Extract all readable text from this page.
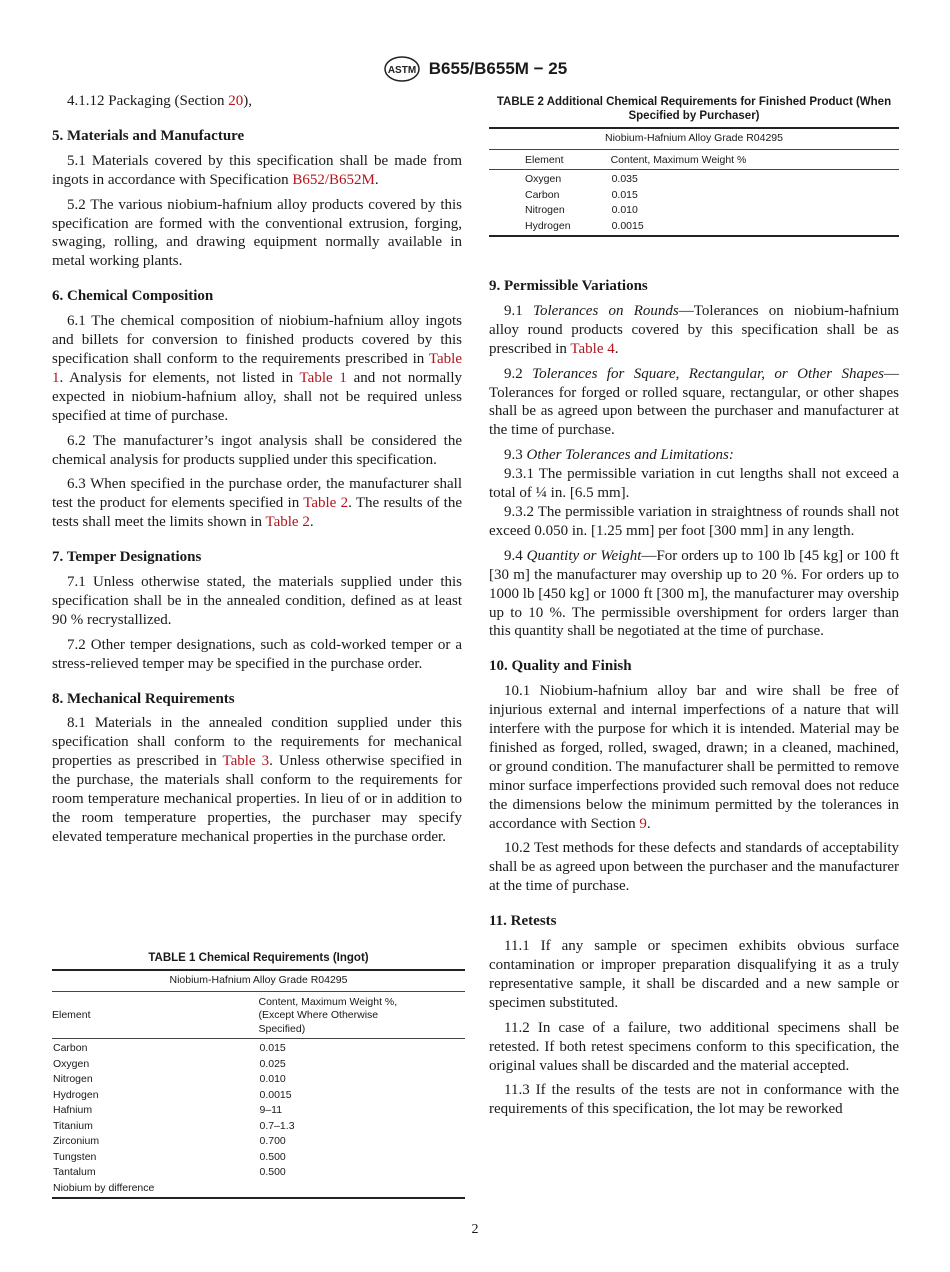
ASTM B655/B655M − 25

4.1.12 Packaging (Section 20),

5. Materials and Manufacture

5.1 Materials covered by this specification shall be made from ingots in accordance with Specification B652/B652M.

5.2 The various niobium-hafnium alloy products covered by this specification are formed with the conventional extrusion, forging, swaging, rolling, and drawing equipment normally available in metal working plants.

6. Chemical Composition

6.1 The chemical composition of niobium-hafnium alloy ingots and billets for conversion to finished products covered by this specification shall conform to the requirements prescribed in Table 1. Analysis for elements, not listed in Table 1 and not normally expected in niobium-hafnium alloy, shall not be required unless specified at time of purchase.

6.2 The manufacturer’s ingot analysis shall be considered the chemical analysis for products supplied under this specification.

6.3 When specified in the purchase order, the manufacturer shall test the product for elements specified in Table 2. The results of the tests shall meet the limits shown in Table 2.

7. Temper Designations

7.1 Unless otherwise stated, the materials supplied under this specification shall be in the annealed condition, defined as at least 90 % recrystallized.

7.2 Other temper designations, such as cold-worked temper or a stress-relieved temper may be specified in the purchase order.

8. Mechanical Requirements

8.1 Materials in the annealed condition supplied under this specification shall conform to the requirements for mechanical properties as prescribed in Table 3. Unless otherwise specified in the purchase, the materials shall conform to the requirements for room temperature mechanical properties. In lieu of or in addition to the room temperature properties, the purchaser may specify elevated temperature mechanical properties in the purchase order.

TABLE 1 Chemical Requirements (Ingot)
Niobium-Hafnium Alloy Grade R04295	
Element	Content, Maximum Weight %, (Except Where Otherwise Specified)
Carbon	0.015
Oxygen	0.025
Nitrogen	0.010
Hydrogen	0.0015
Hafnium	9–11
Titanium	0.7–1.3
Zirconium	0.700
Tungsten	0.500
Tantalum	0.500
Niobium by difference	
TABLE 2 Additional Chemical Requirements for Finished Product (When Specified by Purchaser)
Niobium-Hafnium Alloy Grade R04295	
Element	Content, Maximum Weight %
Oxygen	0.035
Carbon	0.015
Nitrogen	0.010
Hydrogen	0.0015
9. Permissible Variations

9.1 Tolerances on Rounds—Tolerances on niobium-hafnium alloy round products covered by this specification shall be as prescribed in Table 4.

9.2 Tolerances for Square, Rectangular, or Other Shapes—Tolerances for forged or rolled square, rectangular, or other shapes shall be as agreed upon between the purchaser and manufacturer at the time of purchase.

9.3 Other Tolerances and Limitations:

9.3.1 The permissible variation in cut lengths shall not exceed a total of ¼ in. [6.5 mm].

9.3.2 The permissible variation in straightness of rounds shall not exceed 0.050 in. [1.25 mm] per foot [300 mm] in any length.

9.4 Quantity or Weight—For orders up to 100 lb [45 kg] or 100 ft [30 m] the manufacturer may overship up to 20 %. For orders up to 1000 lb [450 kg] or 1000 ft [300 m], the manufacturer may overship up to 10 %. The permissible overshipment for orders larger than this quantity shall be negotiated at the time of purchase.

10. Quality and Finish

10.1 Niobium-hafnium alloy bar and wire shall be free of injurious external and internal imperfections of a nature that will interfere with the purpose for which it is intended. Material may be finished as forged, rolled, swaged, drawn; in a cleaned, machined, or ground condition. The manufacturer shall be permitted to remove minor surface imperfections provided such removal does not reduce the dimensions below the minimum permitted by the tolerances in accordance with Section 9.

10.2 Test methods for these defects and standards of acceptability shall be as agreed upon between the purchaser and the manufacturer at the time of purchase.

11. Retests

11.1 If any sample or specimen exhibits obvious surface contamination or improper preparation disqualifying it as a truly representative sample, it shall be discarded and a new sample or specimen substituted.

11.2 In case of a failure, two additional specimens shall be retested. If both retest specimens conform to this specification, the original values shall be discarded and the material accepted.

11.3 If the results of the tests are not in conformance with the requirements of this specification, the lot may be reworked

2
